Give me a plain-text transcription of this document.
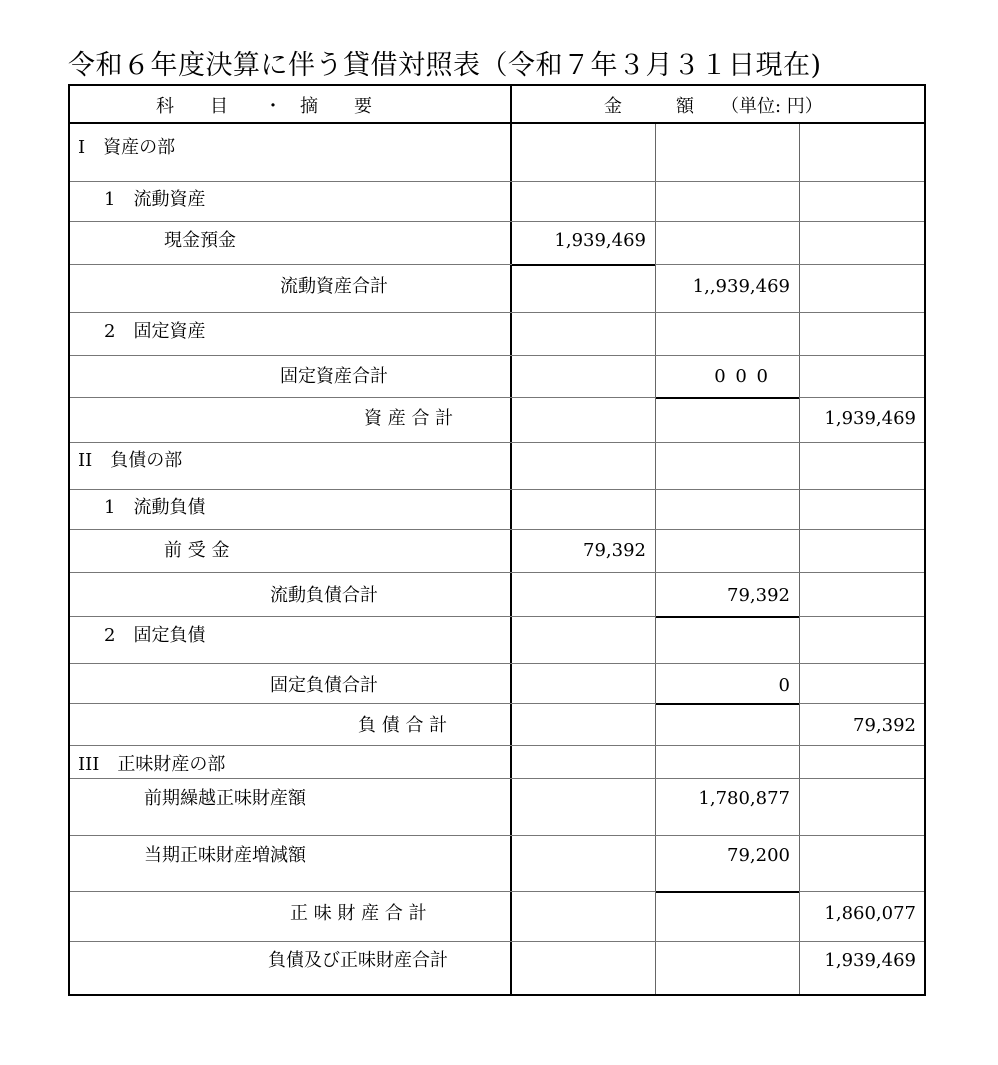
令和６年度決算に伴う貸借対照表（令和７年３月３１日現在)
科　　目　　・　摘　　要	金　　　額　　（単位: 円）
I　資産の部
1　流動資産
現金預金
流動資産合計
2　固定資産
固定資産合計
資 産 合 計
II　負債の部
1　流動負債
前 受 金
流動負債合計
2　固定負債
固定負債合計
負 債 合 計
III　正味財産の部
前期繰越正味財産額
当期正味財産増減額
正 味 財 産 合 計
負債及び正味財産合計
1,939,469
1,,939,469
0 0 0
1,939,469
79,392
79,392
0
79,392
1,780,877
79,200
1,860,077
1,939,469
